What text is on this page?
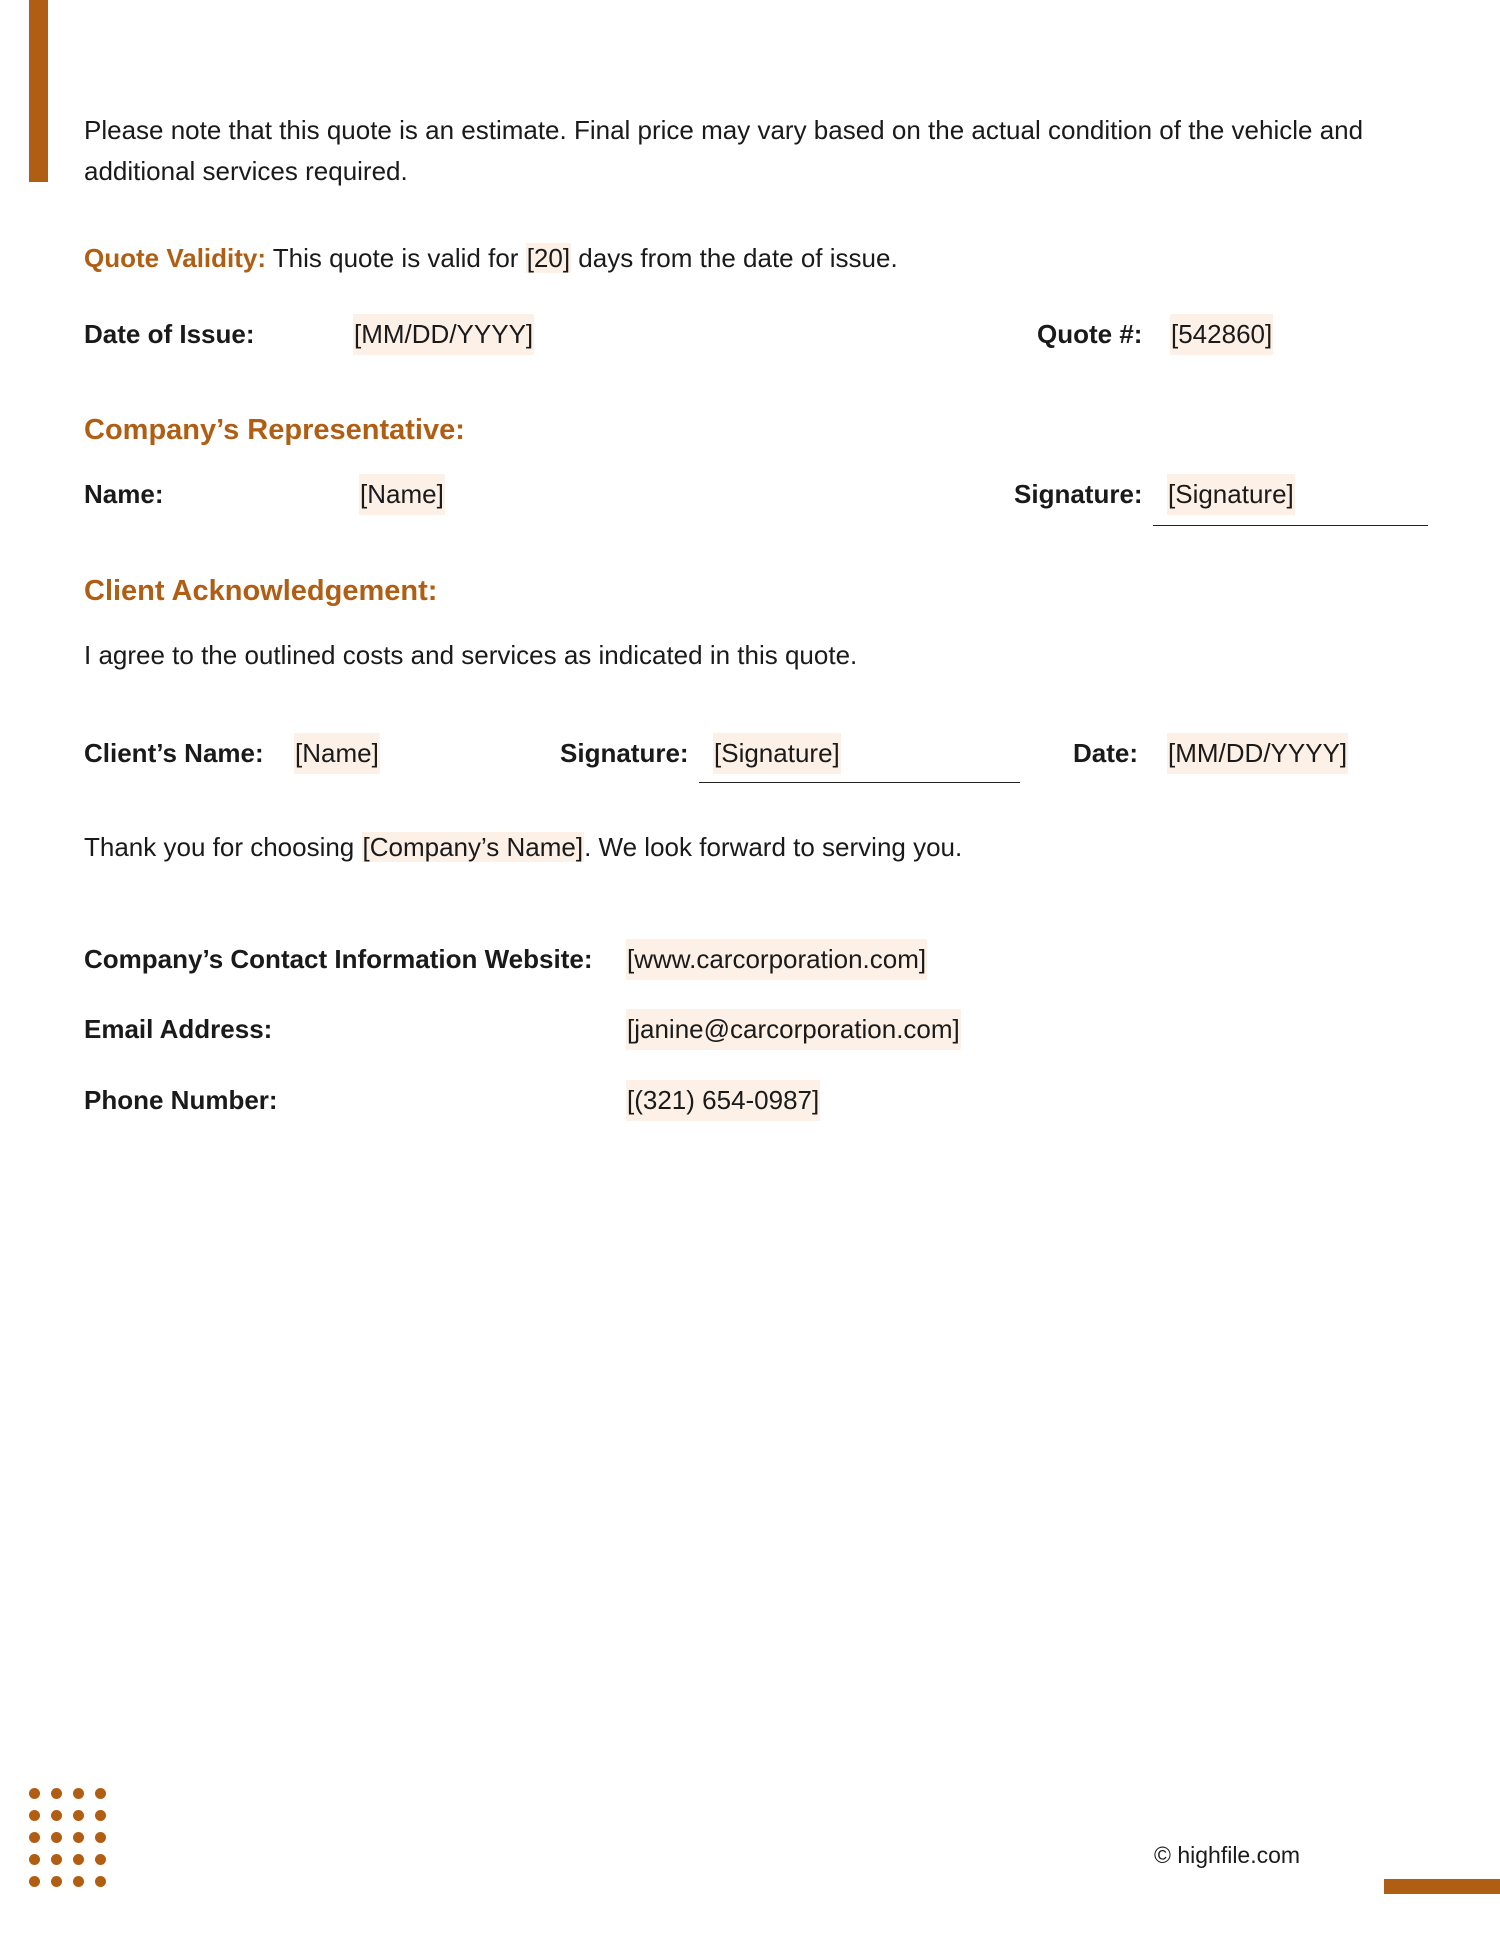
Please note that this quote is an estimate. Final price may vary based on the actual condition of the vehicle and
additional services required.
Quote Validity: This quote is valid for [20] days from the date of issue.
Date of Issue:	[MM/DD/YYYY]	Quote #: [542860]
Company’s Representative:
Name:	[Name]	Signature: [Signature]
Client Acknowledgement:
I agree to the outlined costs and services as indicated in this quote.
Client’s Name: [Name]	Signature: [Signature]	Date: [MM/DD/YYYY]
Thank you for choosing [Company’s Name]. We look forward to serving you.
Company’s Contact Information Website: [www.carcorporation.com]
Email Address:	[janine@carcorporation.com]
Phone Number:	[(321) 654-0987]
© highfile.com
